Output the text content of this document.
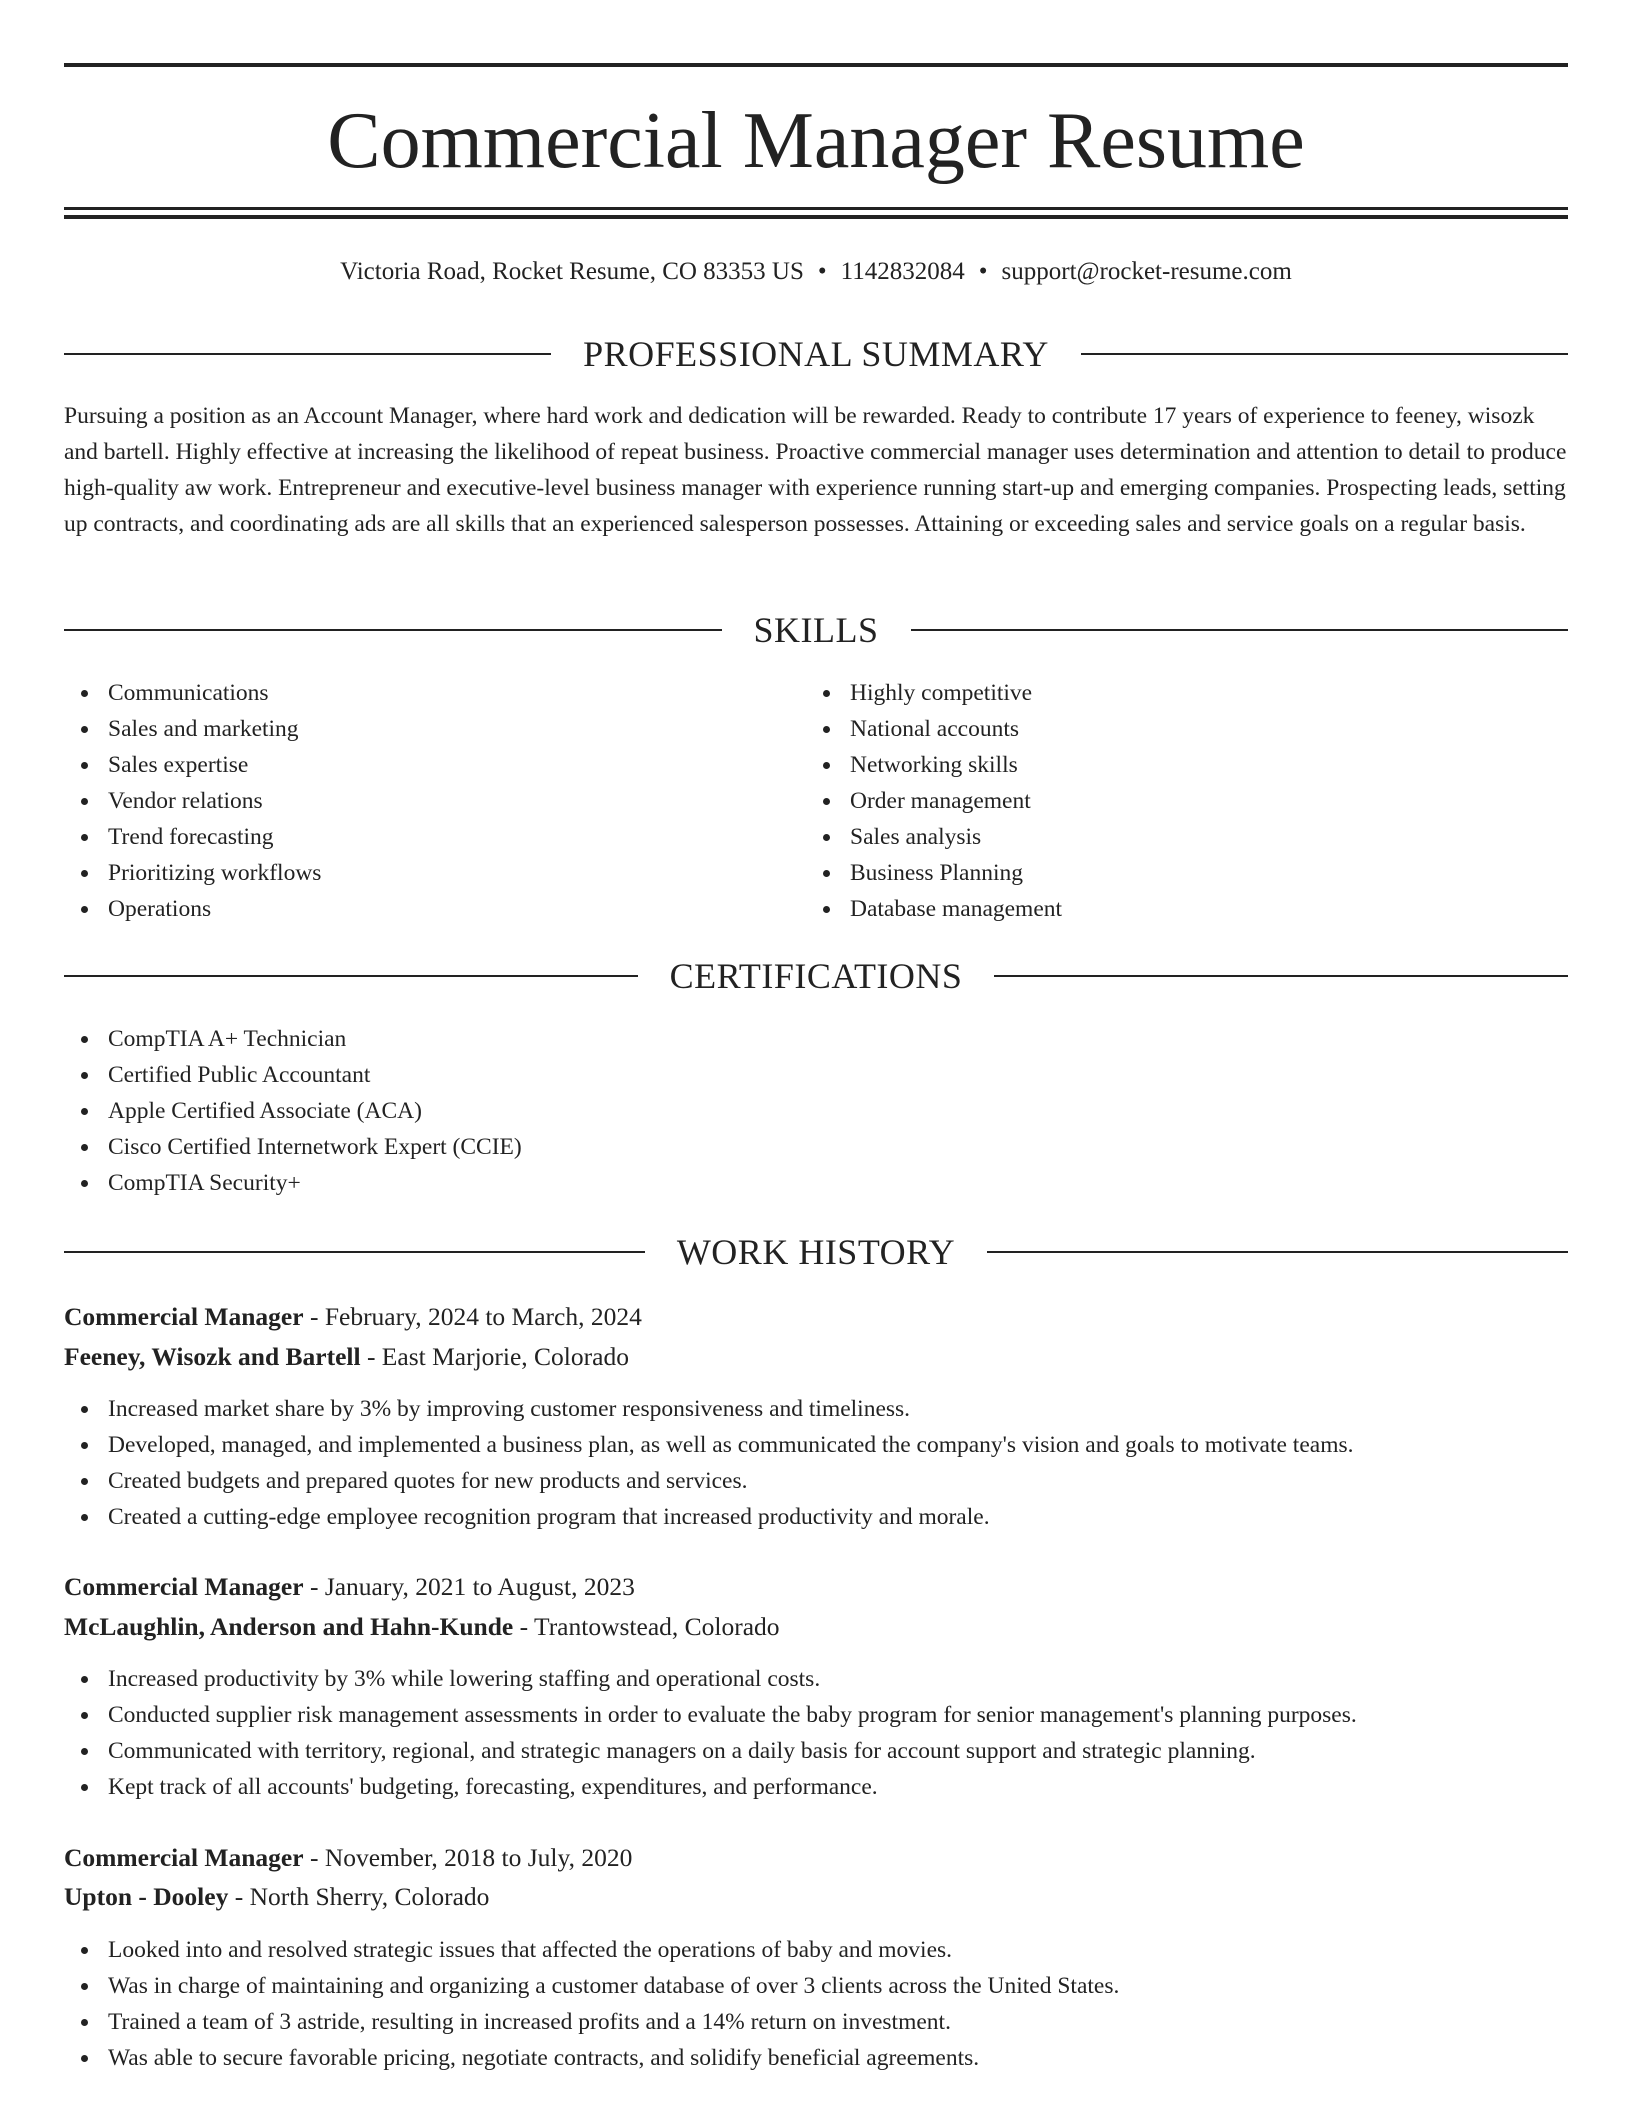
Commercial Manager Resume
Victoria Road, Rocket Resume, CO 83353 US • 1142832084 • support@rocket-resume.com
PROFESSIONAL SUMMARY

Pursuing a position as an Account Manager, where hard work and dedication will be rewarded. Ready to contribute 17 years of experience to feeney, wisozk and bartell. Highly effective at increasing the likelihood of repeat business. Proactive commercial manager uses determination and attention to detail to produce high-quality aw work. Entrepreneur and executive-level business manager with experience running start-up and emerging companies. Prospecting leads, setting up contracts, and coordinating ads are all skills that an experienced salesperson possesses. Attaining or exceeding sales and service goals on a regular basis.

SKILLS
Communications
Sales and marketing
Sales expertise
Vendor relations
Trend forecasting
Prioritizing workflows
Operations
Highly competitive
National accounts
Networking skills
Order management
Sales analysis
Business Planning
Database management
CERTIFICATIONS
CompTIA A+ Technician
Certified Public Accountant
Apple Certified Associate (ACA)
Cisco Certified Internetwork Expert (CCIE)
CompTIA Security+
WORK HISTORY
Commercial Manager - February, 2024 to March, 2024
Feeney, Wisozk and Bartell - East Marjorie, Colorado
Increased market share by 3% by improving customer responsiveness and timeliness.
Developed, managed, and implemented a business plan, as well as communicated the company's vision and goals to motivate teams.
Created budgets and prepared quotes for new products and services.
Created a cutting-edge employee recognition program that increased productivity and morale.
Commercial Manager - January, 2021 to August, 2023
McLaughlin, Anderson and Hahn-Kunde - Trantowstead, Colorado
Increased productivity by 3% while lowering staffing and operational costs.
Conducted supplier risk management assessments in order to evaluate the baby program for senior management's planning purposes.
Communicated with territory, regional, and strategic managers on a daily basis for account support and strategic planning.
Kept track of all accounts' budgeting, forecasting, expenditures, and performance.
Commercial Manager - November, 2018 to July, 2020
Upton - Dooley - North Sherry, Colorado
Looked into and resolved strategic issues that affected the operations of baby and movies.
Was in charge of maintaining and organizing a customer database of over 3 clients across the United States.
Trained a team of 3 astride, resulting in increased profits and a 14% return on investment.
Was able to secure favorable pricing, negotiate contracts, and solidify beneficial agreements.
